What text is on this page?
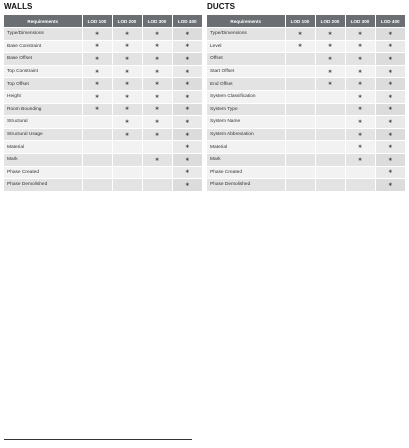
WALLS
Requirements	LOD 100	LOD 200	LOD 300	LOD 400
Type/Dimensions	∗	∗	∗	∗
Base Constraint	∗	∗	∗	∗
Base Offset	∗	∗	∗	∗
Top Constraint	∗	∗	∗	∗
Top Offset	∗	∗	∗	∗
Height	∗	∗	∗	∗
Room Bounding	∗	∗	∗	∗
Structural		∗	∗	∗
Structural Usage		∗	∗	∗
Material				∗
Mark			∗	∗
Phase Created				∗
Phase Demolished				∗
DUCTS
Requirements	LOD 100	LOD 200	LOD 300	LOD 400
Type/Dimensions	∗	∗	∗	∗
Level	∗	∗	∗	∗
Offset		∗	∗	∗
Start Offset		∗	∗	∗
End Offset		∗	∗	∗
System Classification			∗	∗
System Type			∗	∗
System Name			∗	∗
System Abbreviation			∗	∗
Material			∗	∗
Mark			∗	∗
Phase Created				∗
Phase Demolished				∗
